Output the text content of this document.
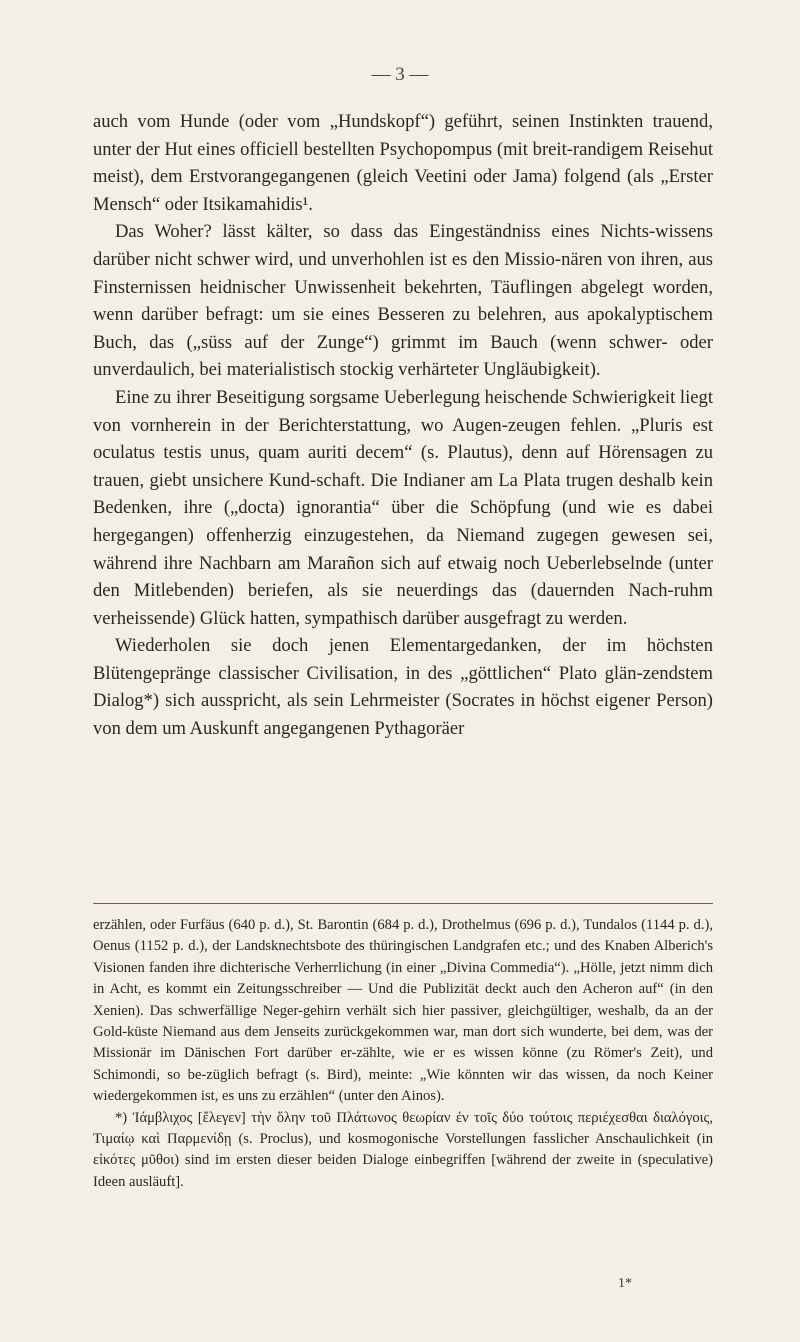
— 3 —

auch vom Hunde (oder vom „Hundskopf“) geführt, seinen Instinkten trauend, unter der Hut eines officiell bestellten Psychopompus (mit breit-randigem Reisehut meist), dem Erstvorangegangenen (gleich Veetini oder Jama) folgend (als „Erster Mensch“ oder Itsikamahidis¹.

Das Woher? lässt kälter, so dass das Eingeständniss eines Nichts-wissens darüber nicht schwer wird, und unverhohlen ist es den Missio-nären von ihren, aus Finsternissen heidnischer Unwissenheit bekehrten, Täuflingen abgelegt worden, wenn darüber befragt: um sie eines Besseren zu belehren, aus apokalyptischem Buch, das („süss auf der Zunge“) grimmt im Bauch (wenn schwer- oder unverdaulich, bei materialistisch stockig verhärteter Ungläubigkeit).

Eine zu ihrer Beseitigung sorgsame Ueberlegung heischende Schwierigkeit liegt von vornherein in der Berichterstattung, wo Augen-zeugen fehlen. „Pluris est oculatus testis unus, quam auriti decem“ (s. Plautus), denn auf Hörensagen zu trauen, giebt unsichere Kund-schaft. Die Indianer am La Plata trugen deshalb kein Bedenken, ihre („docta) ignorantia“ über die Schöpfung (und wie es dabei hergegangen) offenherzig einzugestehen, da Niemand zugegen gewesen sei, während ihre Nachbarn am Marañon sich auf etwaig noch Ueberlebselnde (unter den Mitlebenden) beriefen, als sie neuerdings das (dauernden Nach-ruhm verheissende) Glück hatten, sympathisch darüber ausgefragt zu werden.

Wiederholen sie doch jenen Elementargedanken, der im höchsten Blütengepränge classischer Civilisation, in des „göttlichen“ Plato glän-zendstem Dialog*) sich ausspricht, als sein Lehrmeister (Socrates in höchst eigener Person) von dem um Auskunft angegangenen Pythagoräer

erzählen, oder Furfäus (640 p. d.), St. Barontin (684 p. d.), Drothelmus (696 p. d.), Tundalos (1144 p. d.), Oenus (1152 p. d.), der Landsknechtsbote des thüringischen Landgrafen etc.; und des Knaben Alberich's Visionen fanden ihre dichterische Verherrlichung (in einer „Divina Commedia“). „Hölle, jetzt nimm dich in Acht, es kommt ein Zeitungsschreiber — Und die Publizität deckt auch den Acheron auf“ (in den Xenien). Das schwerfällige Neger-gehirn verhält sich hier passiver, gleichgültiger, weshalb, da an der Gold-küste Niemand aus dem Jenseits zurückgekommen war, man dort sich wunderte, bei dem, was der Missionär im Dänischen Fort darüber er-zählte, wie er es wissen könne (zu Römer's Zeit), und Schimondi, so be-züglich befragt (s. Bird), meinte: „Wie könnten wir das wissen, da noch Keiner wiedergekommen ist, es uns zu erzählen“ (unter den Ainos).

*) Ἰάμβλιχος [ἔλεγεν] τὴν ὅλην τοῦ Πλάτωνος θεωρίαν ἐν τοῖς δύο τούτοις περιέχεσθαι διαλόγοις, Τιμαίῳ καὶ Παρμενίδῃ (s. Proclus), und kosmogonische Vorstellungen fasslicher Anschaulichkeit (in εἰκότες μῦθοι) sind im ersten dieser beiden Dialoge einbegriffen [während der zweite in (speculative) Ideen ausläuft].

1*
